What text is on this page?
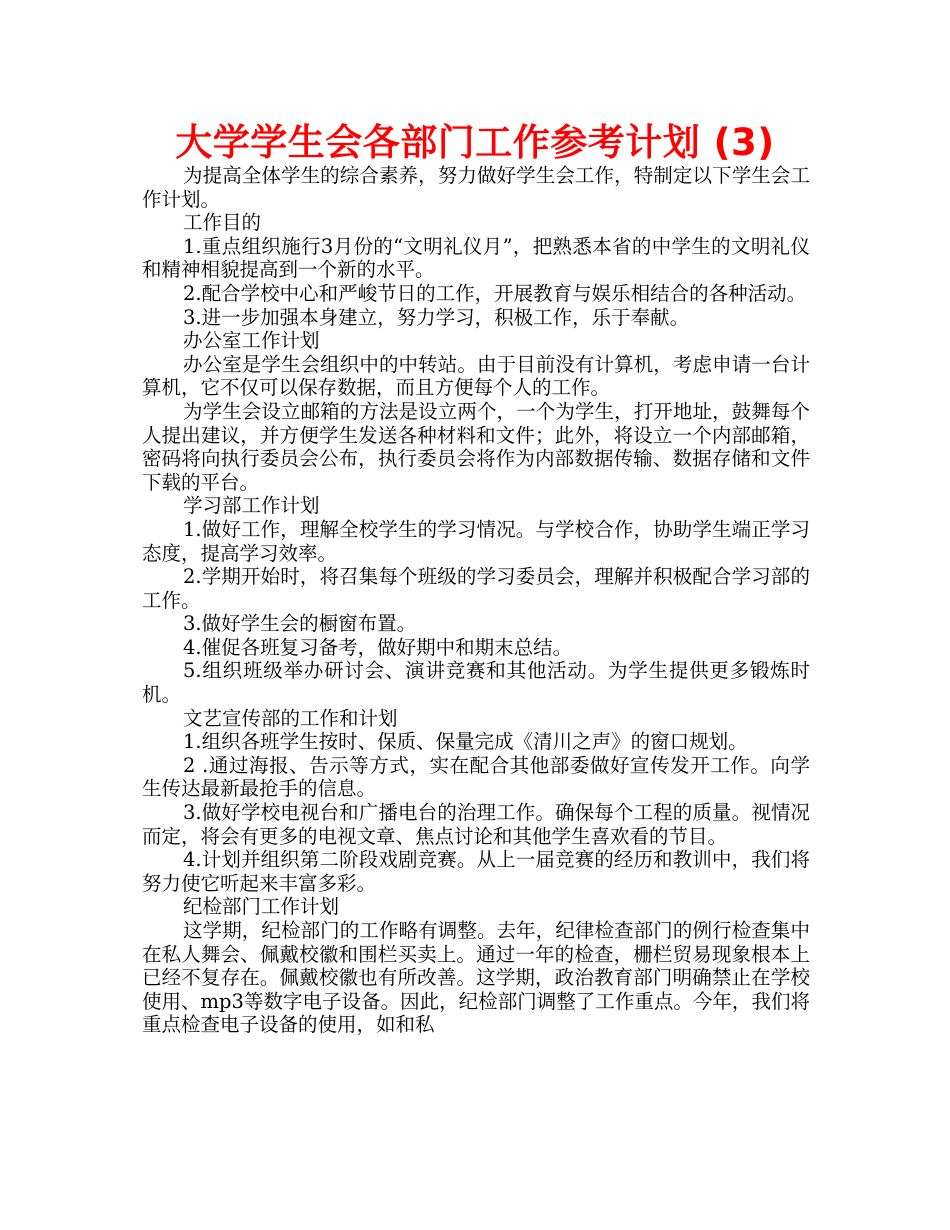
大学学生会各部门工作参考计划 (3)

为提高全体学生的综合素养，努力做好学生会工作，特制定以下学生会工作计划。

工作目的

1.重点组织施行3月份的“文明礼仪月”，把熟悉本省的中学生的文明礼仪和精神相貌提高到一个新的水平。

2.配合学校中心和严峻节日的工作，开展教育与娱乐相结合的各种活动。

3.进一步加强本身建立，努力学习，积极工作，乐于奉献。

办公室工作计划

办公室是学生会组织中的中转站。由于目前没有计算机，考虑申请一台计算机，它不仅可以保存数据，而且方便每个人的工作。

为学生会设立邮箱的方法是设立两个，一个为学生，打开地址，鼓舞每个人提出建议，并方便学生发送各种材料和文件；此外，将设立一个内部邮箱，密码将向执行委员会公布，执行委员会将作为内部数据传输、数据存储和文件下载的平台。

学习部工作计划

1.做好工作，理解全校学生的学习情况。与学校合作，协助学生端正学习态度，提高学习效率。

2.学期开始时，将召集每个班级的学习委员会，理解并积极配合学习部的工作。

3.做好学生会的橱窗布置。

4.催促各班复习备考，做好期中和期末总结。

5.组织班级举办研讨会、演讲竞赛和其他活动。为学生提供更多锻炼时机。

文艺宣传部的工作和计划

1.组织各班学生按时、保质、保量完成《清川之声》的窗口规划。

2 .通过海报、告示等方式，实在配合其他部委做好宣传发开工作。向学生传达最新最抢手的信息。

3.做好学校电视台和广播电台的治理工作。确保每个工程的质量。视情况而定，将会有更多的电视文章、焦点讨论和其他学生喜欢看的节目。

4.计划并组织第二阶段戏剧竞赛。从上一届竞赛的经历和教训中，我们将努力使它听起来丰富多彩。

纪检部门工作计划

这学期，纪检部门的工作略有调整。去年，纪律检查部门的例行检查集中在私人舞会、佩戴校徽和围栏买卖上。通过一年的检查，栅栏贸易现象根本上已经不复存在。佩戴校徽也有所改善。这学期，政治教育部门明确禁止在学校使用、mp3等数字电子设备。因此，纪检部门调整了工作重点。今年，我们将重点检查电子设备的使用，如和私
